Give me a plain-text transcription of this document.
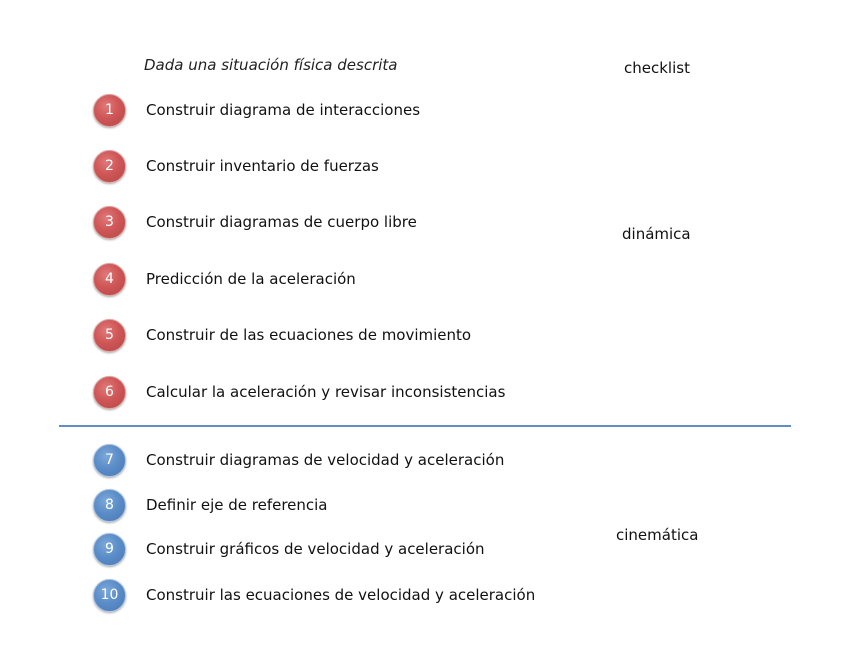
Dada una situación física descrita	checklist
dinámica
cinemática
1	Construir diagrama de interacciones
2	Construir inventario de fuerzas
3	Construir diagramas de cuerpo libre
4	Predicción de la aceleración
5	Construir de las ecuaciones de movimiento
6	Calcular la aceleración y revisar inconsistencias
7	Construir diagramas de velocidad y aceleración
8	Definir eje de referencia
9	Construir gráficos de velocidad y aceleración
10	Construir las ecuaciones de velocidad y aceleración
